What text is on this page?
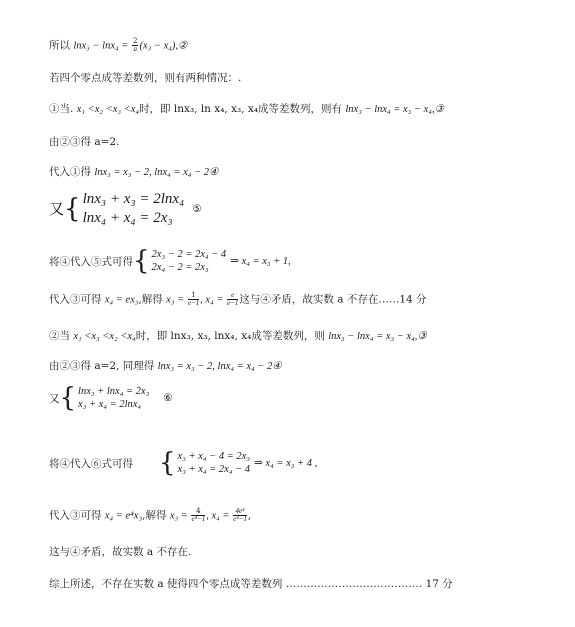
所以 $\ln x_3 - \ln x_4 = \frac{2}{a} (x_3$ − x₄),②
若四个零点成等差数列，则有两种情况：.
①当. x₁ <x₂ <x₃ <x₄时，即 lnx₃, ln x₄, x₃, x₄成等差数列，则有 lnx₃ − lnx₄ = x₃ − x₄,③
由②③得 a=2.
代入①得 lnx₃ = x₃ − 2, lnx₄ = x₄ − 2④
又 { lnx₃ + x₃ = 2lnx₄
lnx₄ + x₄ = 2x₃
⑤
将④代入⑤式可得 { 2x₃ − 2 = 2x₄ − 4
2x₄ − 2 = 2x₃
⇒ x₄ = x₃ + 1,
代入③可得 x₄ = ex₃,解得 $x_3 = \frac{1}{e-1}$ , $x_4 = \frac{e}{e-1}$ 这与④矛盾，故实数 a 不存在……14 分
②当 x₁ <x₃ <x₂ <x₄时，即 lnx₃, x₃, lnx₄, x₄成等差数列，则 lnx₃ − lnx₄ = x₃ − x₄,③
由②③得 a=2, 同理得 lnx₃ = x₃ − 2, lnx₄ = x₄ − 2④
又 { lnx₃ + lnx₄ = 2x₃
x₃ + x₄ = 2lnx₄
⑥
将④代入⑥式可得 { x₃ + x₄ − 4 = 2x₃
x₃ + x₄ = 2x₄ − 4
⇒ x₄ = x₃ + 4 ,
代入③可得 x₄ = e⁴x₃,解得 $x_3 = \frac{4}{\text{e⁴−1}}$ , $x_4 = \frac{\text{4e⁴}}{\text{e⁴−1}}$ ,
这与④矛盾，故实数 a 不存在.
综上所述，不存在实数 a 使得四个零点成等差数列 ………………………………… 17 分
